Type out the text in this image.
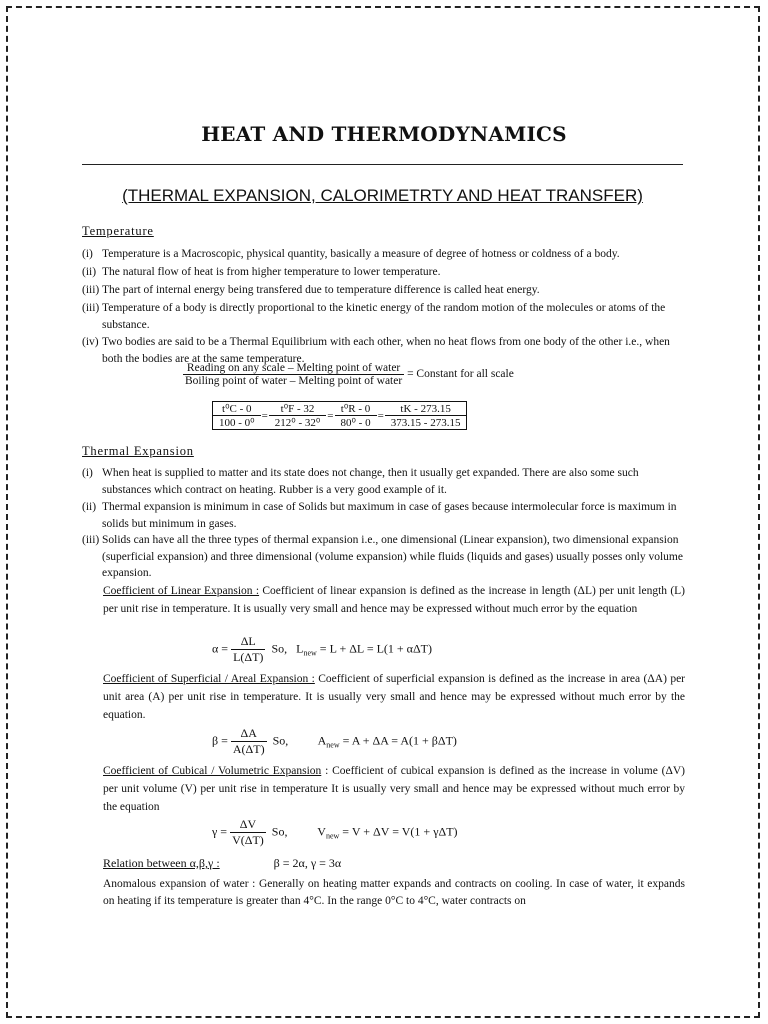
HEAT AND THERMODYNAMICS
(THERMAL EXPANSION, CALORIMETRTY AND HEAT TRANSFER)
Temperature
(i) Temperature is a Macroscopic, physical quantity, basically a measure of degree of hotness or coldness of a body.
(ii) The natural flow of heat is from higher temperature to lower temperature.
(iii) The part of internal energy being transfered due to temperature difference is called heat energy.
(iii) Temperature of a body is directly proportional to the kinetic energy of the random motion of the molecules or atoms of the substance.
(iv) Two bodies are said to be a Thermal Equilibrium with each other, when no heat flows from one body of the other i.e., when both the bodies are at the same temperature.
$\frac{\text{Reading on any scale – Melting point of water}}{\text{Boiling point of water – Melting point of water}}$ = Constant for all scale
t⁰C - 0	=	t⁰F - 32	=	t⁰R - 0	=	tK - 273.15
100 - 0⁰		212⁰ - 32⁰		80⁰ - 0		373.15 - 273.15
Thermal Expansion
(i) When heat is supplied to matter and its state does not change, then it usually get expanded. There are also some such substances which contract on heating. Rubber is a very good example of it.
(ii) Thermal expansion is minimum in case of Solids but maximum in case of gases because intermolecular force is maximum in solids but minimum in gases.
(iii) Solids can have all the three types of thermal expansion i.e., one dimensional (Linear expansion), two dimensional expansion (superficial expansion) and three dimensional (volume expansion) while fluids (liquids and gases) usually posses only volume expansion.
Coefficient of Linear Expansion : Coefficient of linear expansion is defined as the increase in length (ΔL) per unit length (L) per unit rise in temperature. It is usually very small and hence may be expressed without much error by the equation
$\alpha = \frac{\Delta L}{L(\Delta T)} So$, $L_{new} = L + \Delta L = L(1 + \alpha\Delta T)$
Coefficient of Superficial / Areal Expansion : Coefficient of superficial expansion is defined as the increase in area (ΔA) per unit area (A) per unit rise in temperature. It is usually very small and hence may be expressed without much error by the equation.
$\beta = \frac{\Delta A}{A(\Delta T)} So$, $A_{new} = A + \Delta A = A(1 + \beta\Delta T)$
Coefficient of Cubical / Volumetric Expansion : Coefficient of cubical expansion is defined as the increase in volume (ΔV) per unit volume (V) per unit rise in temperature It is usually very small and hence may be expressed without much error by the equation
$\gamma = \frac{\Delta V}{V(\Delta T)} So$, $V_{new} = V + \Delta V = V(1 + \gamma\Delta T)$
Relation between α,β,γ :	β = 2α, γ = 3α
Anomalous expansion of water : Generally on heating matter expands and contracts on cooling. In case of water, it expands on heating if its temperature is greater than 4°C. In the range 0°C to 4°C, water contracts on
